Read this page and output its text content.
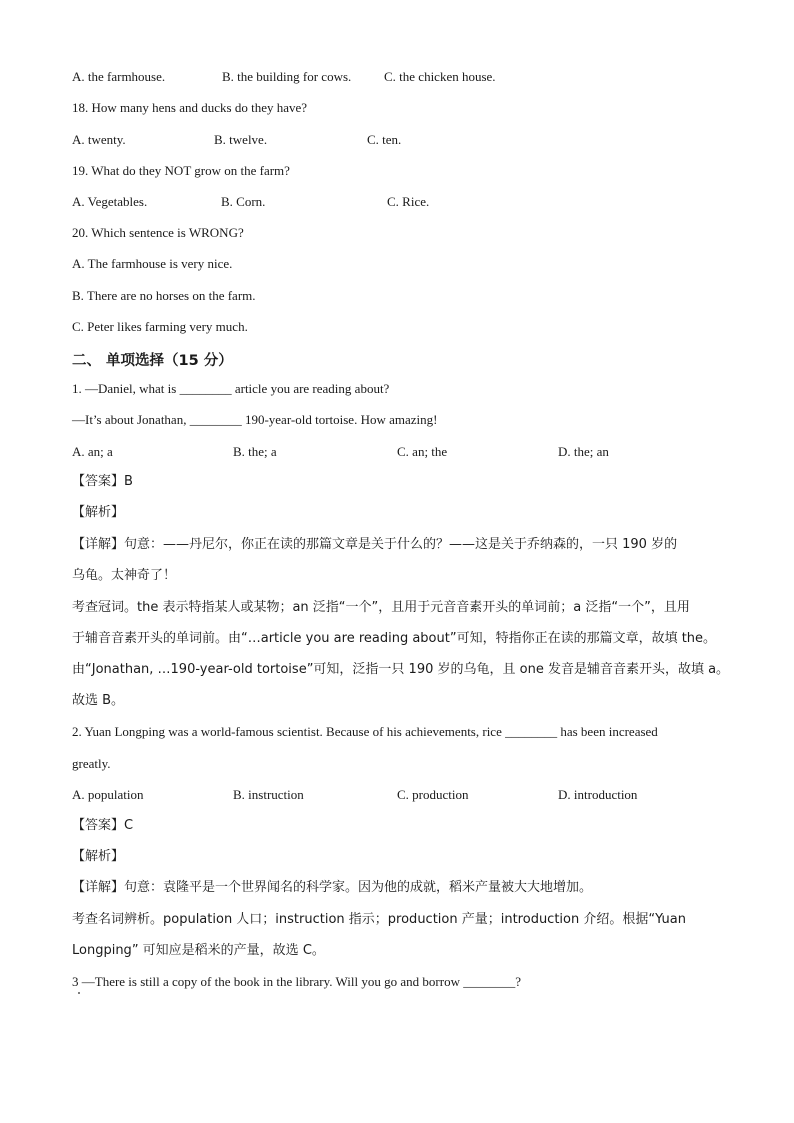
A. the farmhouse.	B. the building for cows.	C. the chicken house.
18. How many hens and ducks do they have?
A. twenty.	B. twelve.	C. ten.
19. What do they NOT grow on the farm?
A. Vegetables.	B. Corn.	C. Rice.
20. Which sentence is WRONG?
A. The farmhouse is very nice.
B. There are no horses on the farm.
C. Peter likes farming very much.
二、 单项选择（15 分）
1. —Daniel, what is ________ article you are reading about?
—It’s about Jonathan, ________ 190-year-old tortoise. How amazing!
A. an; a	B. the; a	C. an; the	D. the; an
【答案】B
【解析】
【详解】句意：——丹尼尔，你正在读的那篇文章是关于什么的？——这是关于乔纳森的，一只 190 岁的
乌龟。太神奇了！
考查冠词。the 表示特指某人或某物；an 泛指“一个”，且用于元音音素开头的单词前；a 泛指“一个”，且用
于辅音音素开头的单词前。由“…article you are reading about”可知，特指你正在读的那篇文章，故填 the。
由“Jonathan, …190-year-old tortoise”可知，泛指一只 190 岁的乌龟，且 one 发音是辅音音素开头，故填 a。
故选 B。
2. Yuan Longping was a world-famous scientist. Because of his achievements, rice ________ has been increased
greatly.
A. population	B. instruction	C. production	D. introduction
【答案】C
【解析】
【详解】句意：袁隆平是一个世界闻名的科学家。因为他的成就，稻米产量被大大地增加。
考查名词辨析。population 人口；instruction 指示；production 产量；introduction 介绍。根据“Yuan
Longping” 可知应是稻米的产量，故选 C。
3 —There is still a copy of the book in the library. Will you go and borrow ________?
